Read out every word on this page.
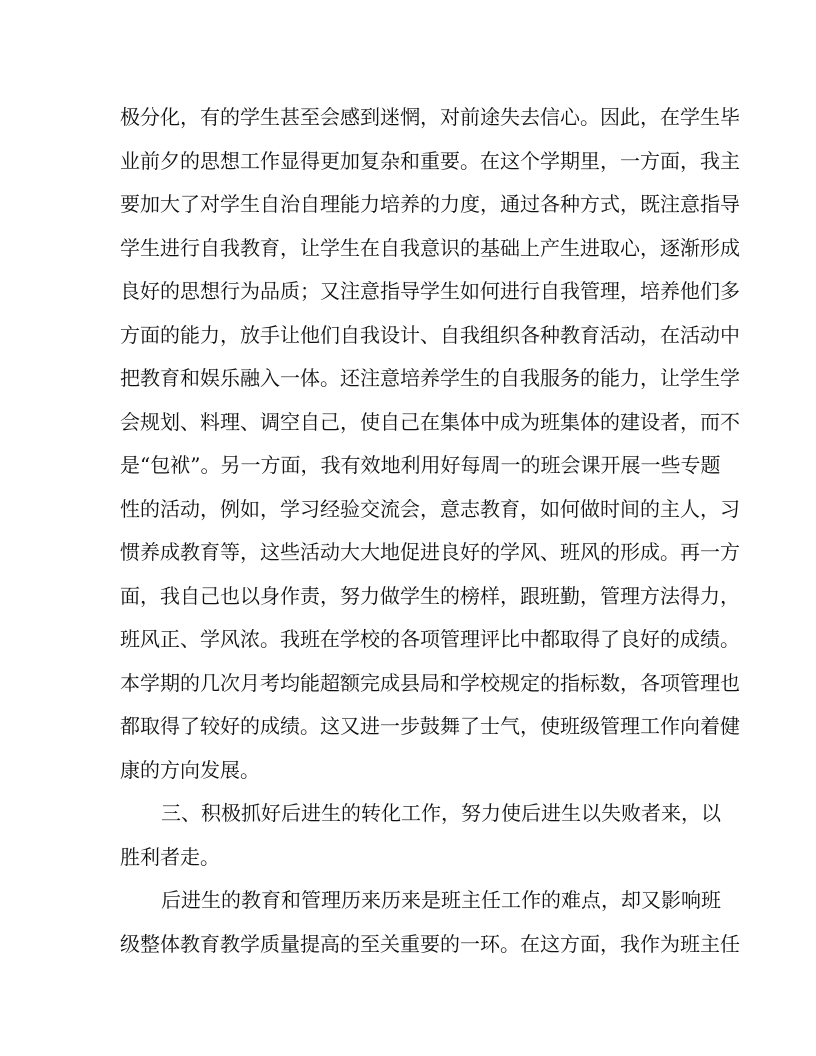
极分化，有的学生甚至会感到迷惘，对前途失去信心。因此，在学生毕
业前夕的思想工作显得更加复杂和重要。在这个学期里，一方面，我主
要加大了对学生自治自理能力培养的力度，通过各种方式，既注意指导
学生进行自我教育，让学生在自我意识的基础上产生进取心，逐渐形成
良好的思想行为品质；又注意指导学生如何进行自我管理，培养他们多
方面的能力，放手让他们自我设计、自我组织各种教育活动，在活动中
把教育和娱乐融入一体。还注意培养学生的自我服务的能力，让学生学
会规划、料理、调空自己，使自己在集体中成为班集体的建设者，而不
是“包袱”。另一方面，我有效地利用好每周一的班会课开展一些专题
性的活动，例如，学习经验交流会，意志教育，如何做时间的主人，习
惯养成教育等，这些活动大大地促进良好的学风、班风的形成。再一方
面，我自己也以身作责，努力做学生的榜样，跟班勤，管理方法得力，
班风正、学风浓。我班在学校的各项管理评比中都取得了良好的成绩。
本学期的几次月考均能超额完成县局和学校规定的指标数，各项管理也
都取得了较好的成绩。这又进一步鼓舞了士气，使班级管理工作向着健
康的方向发展。
三、积极抓好后进生的转化工作，努力使后进生以失败者来，以
胜利者走。
后进生的教育和管理历来历来是班主任工作的难点，却又影响班
级整体教育教学质量提高的至关重要的一环。在这方面，我作为班主任
